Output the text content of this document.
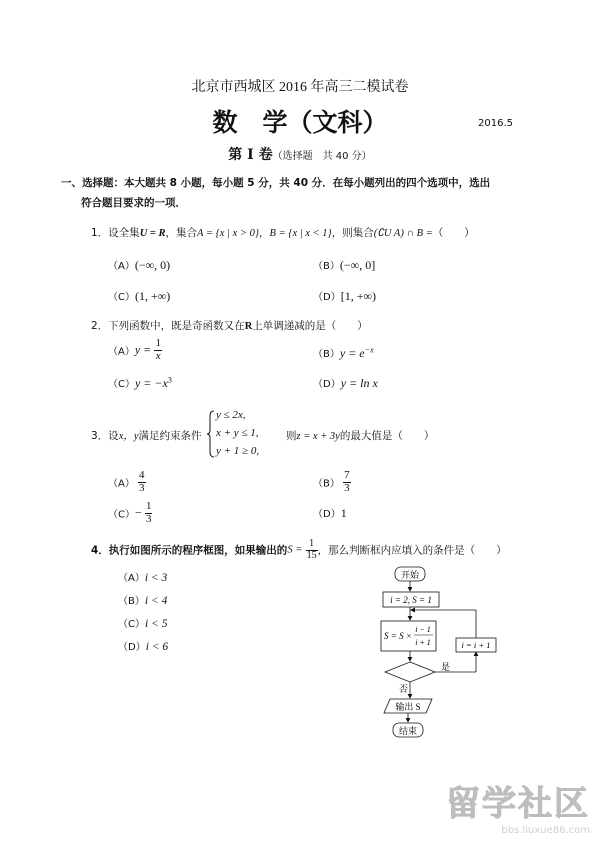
北京市西城区 2016 年高三二模试卷
数　学（文科）	2016.5
第 I 卷（选择题　共 40 分）
一、选择题：本大题共 8 小题，每小题 5 分，共 40 分．在每小题列出的四个选项中，选出
符合题目要求的一项．
1．设全集U = R，集合A = {x | x > 0}，B = {x | x < 1}，则集合(∁U A) ∩ B =（　　）
（A）(−∞, 0)	（B）(−∞, 0]
（C）(1, +∞)	（D）[1, +∞)
2．下列函数中，既是奇函数又在R上单调递减的是（　　）
$(A)y = \frac{1}{x}$	$(B)y = e^{-x}$
$(C)y = -x^3$	（D）y = ln x
3．设x，y满足约束条件
y ≤ 2x,
x + y ≤ 1,
y + 1 ≥ 0,
则z = x + 3y的最大值是（　　）
$(A) \frac{4}{3}$	$(B) \frac{7}{3}$
$(C)- \frac{1}{3}$	（D）1
4．执行如图所示的程序框图，如果输出的$S = \frac{1}{15}$ ，那么判断框内应填入的条件是（　　）
（A）i < 3
（B）i < 4
（C）i < 5
（D）i < 6
开始
i = 2, S = 1
S = S ×
i − 1
i + 1
是
i = i + 1
否
输出 S
结束
留学社区
bbs.liuxue86.com
